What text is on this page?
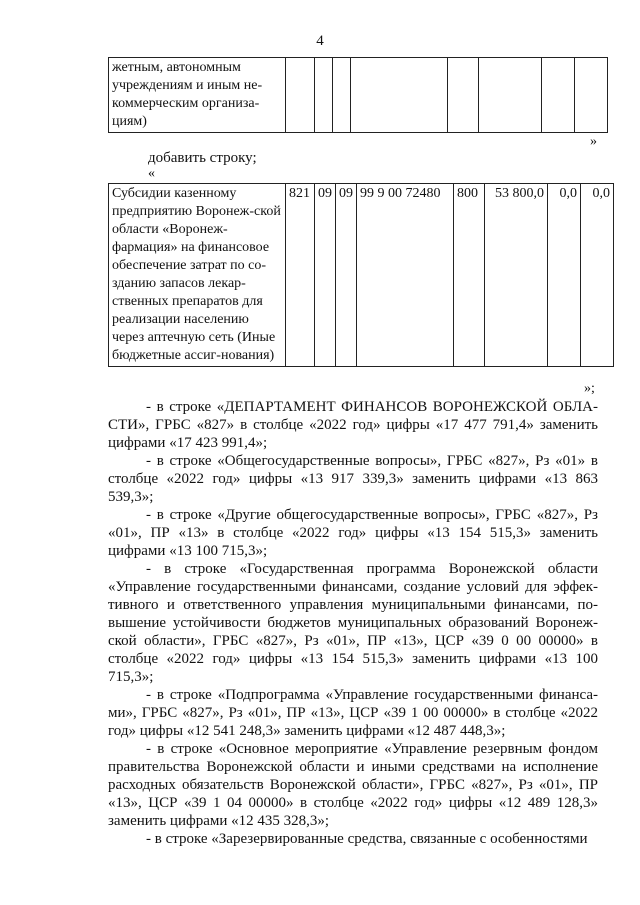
4
жетным, автономным учреждениям и иным не-коммерческим организа-циям)								
»
добавить строку;
«
Субсидии казенному предприятию Воронеж-ской области «Воронеж-фармация» на финансовое обеспечение затрат по со-зданию запасов лекар-ственных препаратов для реализации населению через аптечную сеть (Иные бюджетные ассиг-нования)	821	09	09	99 9 00 72480	800	53 800,0	0,0	0,0
»;

- в строке «ДЕПАРТАМЕНТ ФИНАНСОВ ВОРОНЕЖСКОЙ ОБЛА-СТИ», ГРБС «827» в столбце «2022 год» цифры «17 477 791,4» заменить цифрами «17 423 991,4»;

- в строке «Общегосударственные вопросы», ГРБС «827», Рз «01» в столбце «2022 год» цифры «13 917 339,3» заменить цифрами «13 863 539,3»;

- в строке «Другие общегосударственные вопросы», ГРБС «827», Рз «01», ПР «13» в столбце «2022 год» цифры «13 154 515,3» заменить цифрами «13 100 715,3»;

- в строке «Государственная программа Воронежской области «Управление государственными финансами, создание условий для эффек-тивного и ответственного управления муниципальными финансами, по-вышение устойчивости бюджетов муниципальных образований Воронеж-ской области», ГРБС «827», Рз «01», ПР «13», ЦСР «39 0 00 00000» в столбце «2022 год» цифры «13 154 515,3» заменить цифрами «13 100 715,3»;

- в строке «Подпрограмма «Управление государственными финанса-ми», ГРБС «827», Рз «01», ПР «13», ЦСР «39 1 00 00000» в столбце «2022 год» цифры «12 541 248,3» заменить цифрами «12 487 448,3»;

- в строке «Основное мероприятие «Управление резервным фондом правительства Воронежской области и иными средствами на исполнение расходных обязательств Воронежской области», ГРБС «827», Рз «01», ПР «13», ЦСР «39 1 04 00000» в столбце «2022 год» цифры «12 489 128,3» заменить цифрами «12 435 328,3»;

- в строке «Зарезервированные средства, связанные с особенностями
